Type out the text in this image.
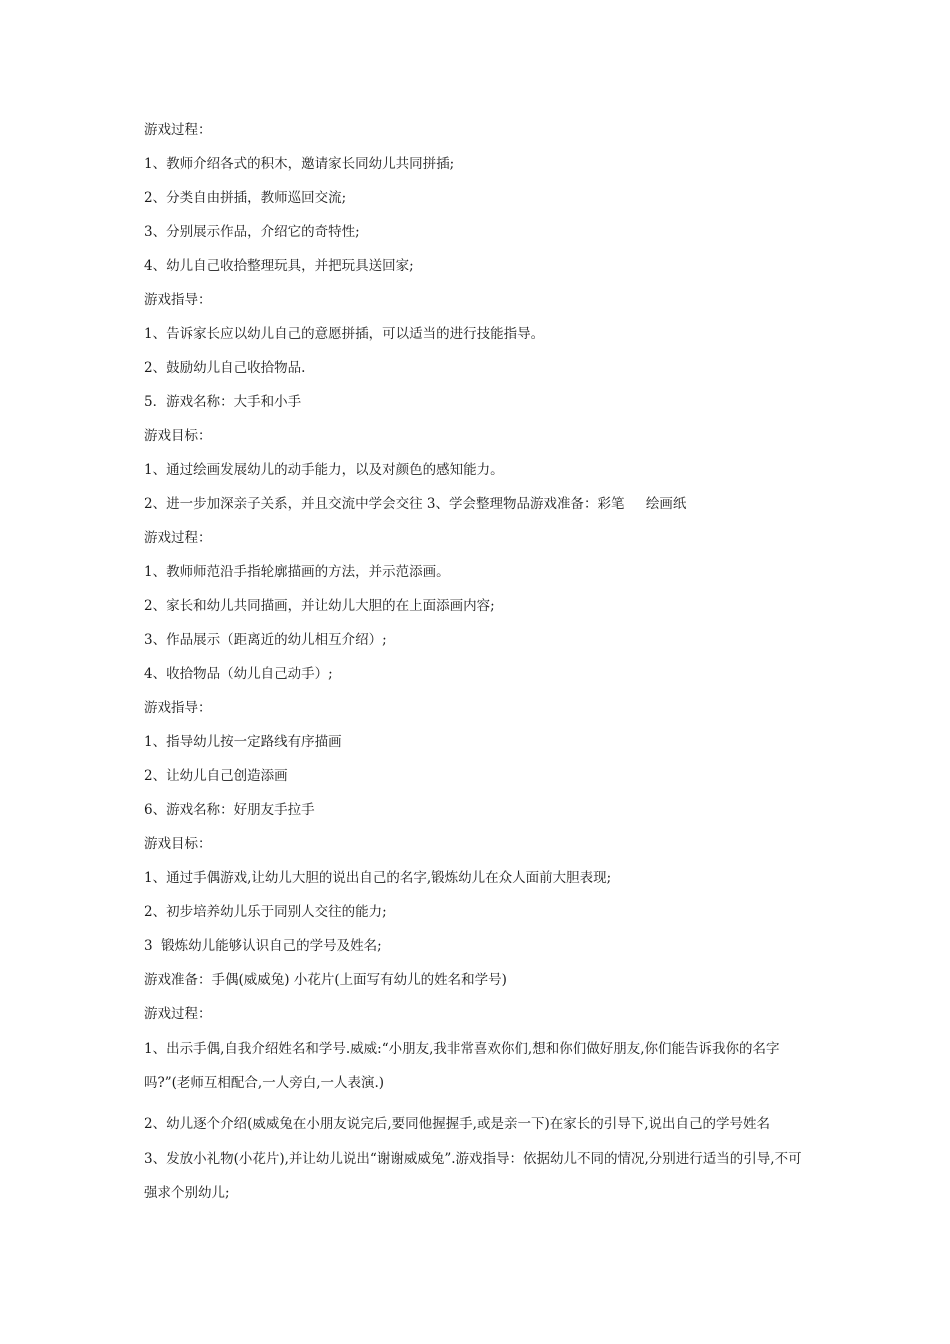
游戏过程：

1、教师介绍各式的积木，邀请家长同幼儿共同拼插;

2、分类自由拼插，教师巡回交流;

3、分别展示作品，介绍它的奇特性;

4、幼儿自己收拾整理玩具，并把玩具送回家;

游戏指导：

1、告诉家长应以幼儿自己的意愿拼插，可以适当的进行技能指导。

2、鼓励幼儿自己收拾物品.

5．游戏名称：大手和小手

游戏目标：

1、通过绘画发展幼儿的动手能力，以及对颜色的感知能力。

2、进一步加深亲子关系，并且交流中学会交往 3、学会整理物品游戏准备：彩笔     绘画纸

游戏过程：

1、教师师范沿手指轮廓描画的方法，并示范添画。

2、家长和幼儿共同描画，并让幼儿大胆的在上面添画内容;

3、作品展示（距离近的幼儿相互介绍）;

4、收拾物品（幼儿自己动手）;

游戏指导：

1、指导幼儿按一定路线有序描画

2、让幼儿自己创造添画

6、游戏名称：好朋友手拉手

游戏目标：

1、通过手偶游戏,让幼儿大胆的说出自己的名字,锻炼幼儿在众人面前大胆表现;

2、初步培养幼儿乐于同别人交往的能力;

3  锻炼幼儿能够认识自己的学号及姓名;

游戏准备：手偶(威威兔) 小花片(上面写有幼儿的姓名和学号)

游戏过程：

1、出示手偶,自我介绍姓名和学号.威威:“小朋友,我非常喜欢你们,想和你们做好朋友,你们能告诉我你的名字吗?”(老师互相配合,一人旁白,一人表演.)

2、幼儿逐个介绍(威威兔在小朋友说完后,要同他握握手,或是亲一下)在家长的引导下,说出自己的学号姓名

3、发放小礼物(小花片),并让幼儿说出“谢谢威威兔”.游戏指导：依据幼儿不同的情况,分别进行适当的引导,不可强求个别幼儿;
